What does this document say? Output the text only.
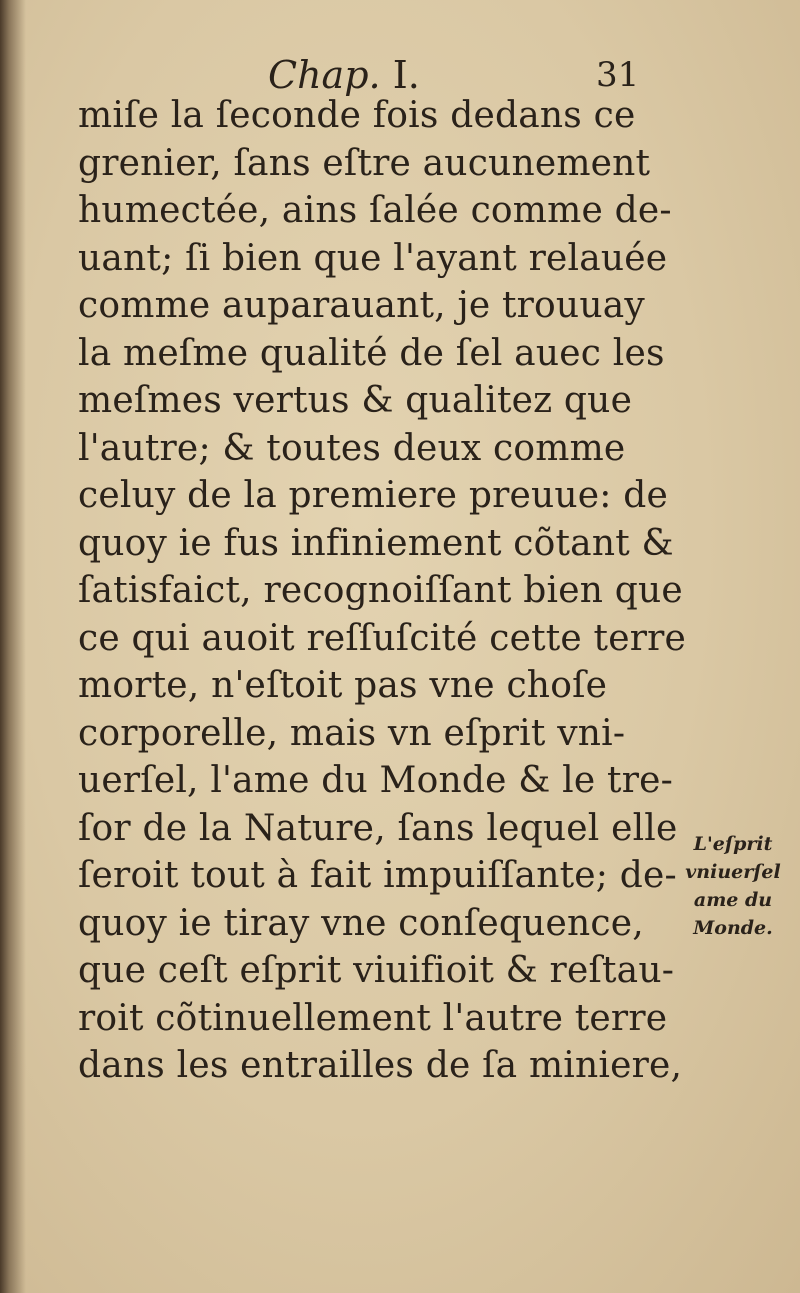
Chap. I.	31
miſe la ſeconde fois dedans ce
grenier, ſans eſtre aucunement
humectée, ains ſalée comme de-
uant; ſi bien que l'ayant relauée
comme auparauant, je trouuay
la meſme qualité de ſel auec les
meſmes vertus & qualitez que
l'autre; & toutes deux comme
celuy de la premiere preuue: de
quoy ie fus infiniement cõtant &
ſatisfaict, recognoiſſant bien que
ce qui auoit reſſuſcité cette terre
morte, n'eſtoit pas vne choſe
corporelle, mais vn eſprit vni-
uerſel, l'ame du Monde & le tre-
ſor de la Nature, ſans lequel elle
ſeroit tout à fait impuiſſante; de-
quoy ie tiray vne conſequence,
que ceſt eſprit viuifioit & reſtau-
roit cõtinuellement l'autre terre
dans les entrailles de ſa miniere,
L'eſprit
vniuerſel
ame du
Monde.
